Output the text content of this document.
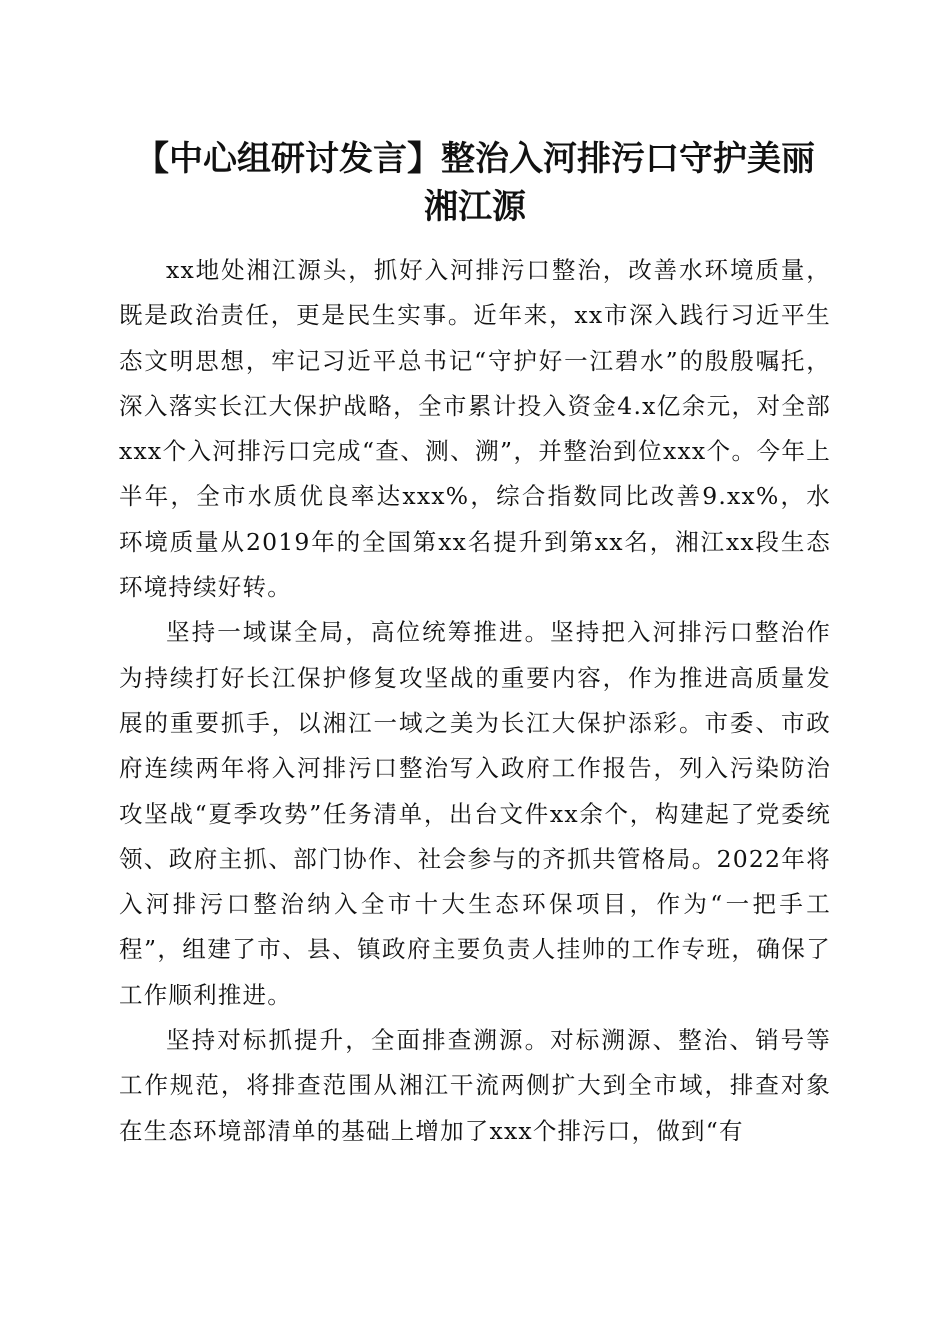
【中心组研讨发言】整治入河排污口守护美丽
湘江源

xx地处湘江源头，抓好入河排污口整治，改善水环境质量，既是政治责任，更是民生实事。近年来，xx市深入践行习近平生态文明思想，牢记习近平总书记“守护好一江碧水”的殷殷嘱托，深入落实长江大保护战略，全市累计投入资金4.x亿余元，对全部xxx个入河排污口完成“查、测、溯”，并整治到位xxx个。今年上半年，全市水质优良率达xxx%，综合指数同比改善9.xx%，水环境质量从2019年的全国第xx名提升到第xx名，湘江xx段生态环境持续好转。

坚持一域谋全局，高位统筹推进。坚持把入河排污口整治作为持续打好长江保护修复攻坚战的重要内容，作为推进高质量发展的重要抓手，以湘江一域之美为长江大保护添彩。市委、市政府连续两年将入河排污口整治写入政府工作报告，列入污染防治攻坚战“夏季攻势”任务清单，出台文件xx余个，构建起了党委统领、政府主抓、部门协作、社会参与的齐抓共管格局。2022年将入河排污口整治纳入全市十大生态环保项目，作为“一把手工程”，组建了市、县、镇政府主要负责人挂帅的工作专班，确保了工作顺利推进。

坚持对标抓提升，全面排查溯源。对标溯源、整治、销号等工作规范，将排查范围从湘江干流两侧扩大到全市域，排查对象在生态环境部清单的基础上增加了xxx个排污口，做到“有
